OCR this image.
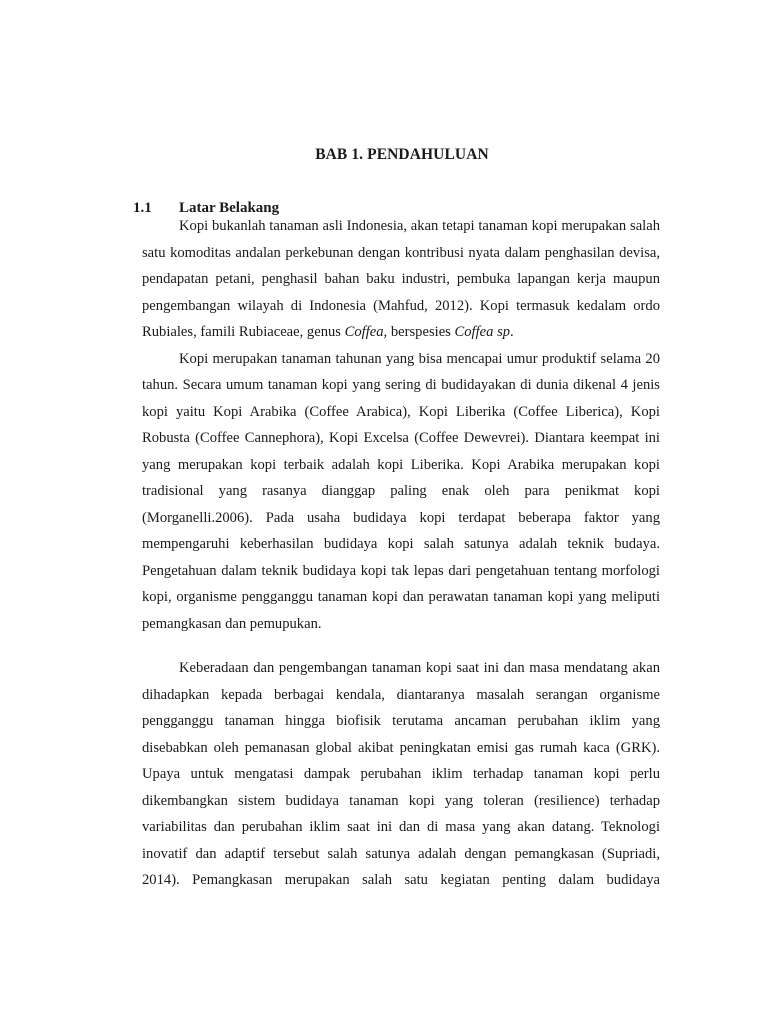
BAB 1. PENDAHULUAN
1.1 Latar Belakang

Kopi bukanlah tanaman asli Indonesia, akan tetapi tanaman kopi merupakan salah satu komoditas andalan perkebunan dengan kontribusi nyata dalam penghasilan devisa, pendapatan petani, penghasil bahan baku industri, pembuka lapangan kerja maupun pengembangan wilayah di Indonesia (Mahfud, 2012). Kopi termasuk kedalam ordo Rubiales, famili Rubiaceae, genus Coffea, berspesies Coffea sp.

Kopi merupakan tanaman tahunan yang bisa mencapai umur produktif selama 20 tahun. Secara umum tanaman kopi yang sering di budidayakan di dunia dikenal 4 jenis kopi yaitu Kopi Arabika (Coffee Arabica), Kopi Liberika (Coffee Liberica), Kopi Robusta (Coffee Cannephora), Kopi Excelsa (Coffee Dewevrei). Diantara keempat ini yang merupakan kopi terbaik adalah kopi Liberika. Kopi Arabika merupakan kopi tradisional yang rasanya dianggap paling enak oleh para penikmat kopi (Morganelli.2006). Pada usaha budidaya kopi terdapat beberapa faktor yang mempengaruhi keberhasilan budidaya kopi salah satunya adalah teknik budaya. Pengetahuan dalam teknik budidaya kopi tak lepas dari pengetahuan tentang morfologi kopi, organisme pengganggu tanaman kopi dan perawatan tanaman kopi yang meliputi pemangkasan dan pemupukan.

Keberadaan dan pengembangan tanaman kopi saat ini dan masa mendatang akan dihadapkan kepada berbagai kendala, diantaranya masalah serangan organisme pengganggu tanaman hingga biofisik terutama ancaman perubahan iklim yang disebabkan oleh pemanasan global akibat peningkatan emisi gas rumah kaca (GRK). Upaya untuk mengatasi dampak perubahan iklim terhadap tanaman kopi perlu dikembangkan sistem budidaya tanaman kopi yang toleran (resilience) terhadap variabilitas dan perubahan iklim saat ini dan di masa yang akan datang. Teknologi inovatif dan adaptif tersebut salah satunya adalah dengan pemangkasan (Supriadi, 2014). Pemangkasan merupakan salah satu kegiatan penting dalam budidaya
